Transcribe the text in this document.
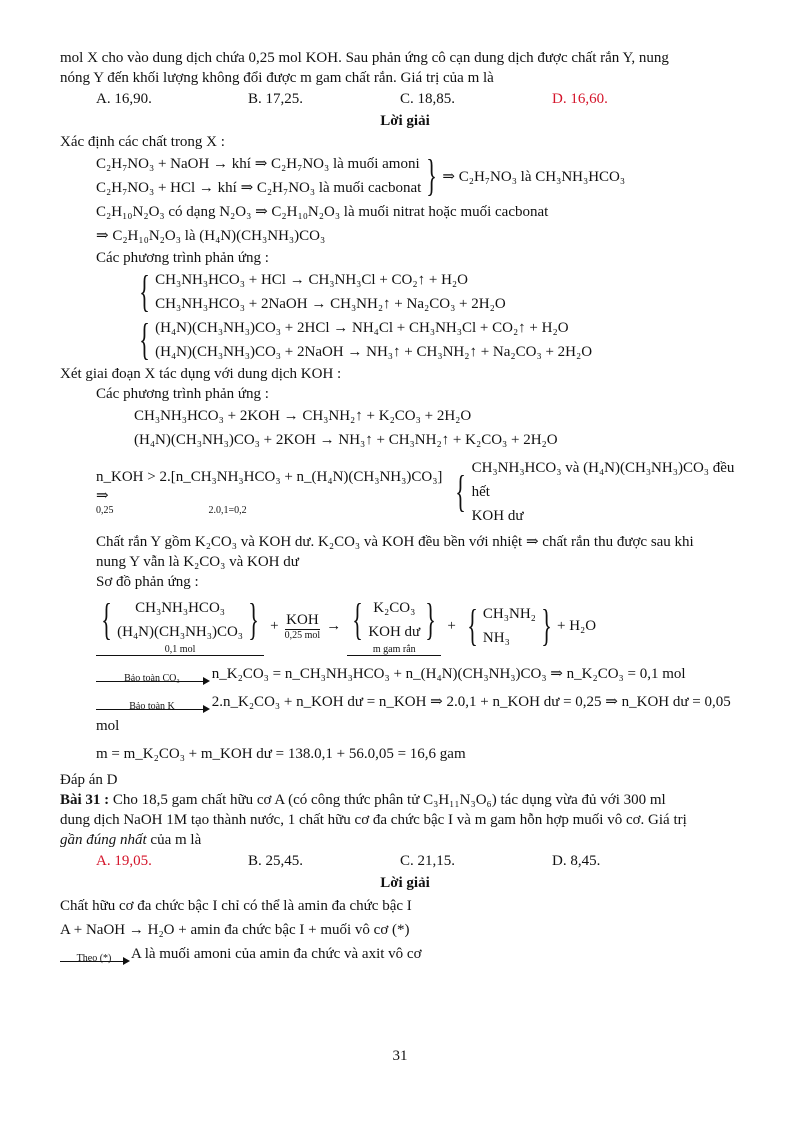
mol X cho vào dung dịch chứa 0,25 mol KOH. Sau phản ứng cô cạn dung dịch được chất rắn Y, nung

nóng Y đến khối lượng không đổi được m gam chất rắn. Giá trị của m là

A. 16,90.	B. 17,25.	C. 18,85.	D. 16,60.

Lời giải

Xác định các chất trong X :

C₂H₇NO₃ + NaOH → khí ⇒ C₂H₇NO₃ là muối amoni
C₂H₇NO₃ + HCl → khí ⇒ C₂H₇NO₃ là muối cacbonat } ⇒ C₂H₇NO₃ là CH₃NH₃HCO₃

C₂H₁₀N₂O₃ có dạng N₂O₃ ⇒ C₂H₁₀N₂O₃ là muối nitrat hoặc muối cacbonat

⇒ C₂H₁₀N₂O₃ là (H₄N)(CH₃NH₃)CO₃

Các phương trình phản ứng :

{ CH₃NH₃HCO₃ + HCl → CH₃NH₃Cl + CO₂↑ + H₂O
CH₃NH₃HCO₃ + 2NaOH → CH₃NH₂↑ + Na₂CO₃ + 2H₂O
{ (H₄N)(CH₃NH₃)CO₃ + 2HCl → NH₄Cl + CH₃NH₃Cl + CO₂↑ + H₂O
(H₄N)(CH₃NH₃)CO₃ + 2NaOH → NH₃↑ + CH₃NH₂↑ + Na₂CO₃ + 2H₂O

Xét giai đoạn X tác dụng với dung dịch KOH :

Các phương trình phản ứng :

CH₃NH₃HCO₃ + 2KOH → CH₃NH₂↑ + K₂CO₃ + 2H₂O

(H₄N)(CH₃NH₃)CO₃ + 2KOH → NH₃↑ + CH₃NH₂↑ + K₂CO₃ + 2H₂O

n_KOH > 2.[n_CH₃NH₃HCO₃ + n_(H₄N)(CH₃NH₃)CO₃] ⇒
0,25	2.0,1=0,2	{ CH₃NH₃HCO₃ và (H₄N)(CH₃NH₃)CO₃ đều hết
KOH dư

Chất rắn Y gồm K₂CO₃ và KOH dư. K₂CO₃ và KOH đều bền với nhiệt ⇒ chất rắn thu được sau khi

nung Y vẫn là K₂CO₃ và KOH dư

Sơ đồ phản ứng :

{	CH₃NH₃HCO₃
(H₄N)(CH₃NH₃)CO₃ }
0,1 mol
+ KOH
0,25 mol
→ { K₂CO₃
KOH dư }
m gam rắn
+ { CH₃NH₂
NH₃ } + H₂O

Bảo toàn CO₃ n_K₂CO₃ = n_CH₃NH₃HCO₃ + n_(H₄N)(CH₃NH₃)CO₃ ⇒ n_K₂CO₃ = 0,1 mol

Bảo toàn K 2.n_K₂CO₃ + n_KOH dư = n_KOH ⇒ 2.0,1 + n_KOH dư = 0,25 ⇒ n_KOH dư = 0,05 mol

m = m_K₂CO₃ + m_KOH dư = 138.0,1 + 56.0,05 = 16,6 gam

Đáp án D

Bài 31 : Cho 18,5 gam chất hữu cơ A (có công thức phân tử C₃H₁₁N₃O₆) tác dụng vừa đủ với 300 ml

dung dịch NaOH 1M tạo thành nước, 1 chất hữu cơ đa chức bậc I và m gam hỗn hợp muối vô cơ. Giá trị

gần đúng nhất của m là

A. 19,05.	B. 25,45.	C. 21,15.	D. 8,45.

Lời giải

Chất hữu cơ đa chức bậc I chỉ có thể là amin đa chức bậc I

A + NaOH → H₂O + amin đa chức bậc I + muối vô cơ (*)

Theo (*) A là muối amoni của amin đa chức và axit vô cơ

31
